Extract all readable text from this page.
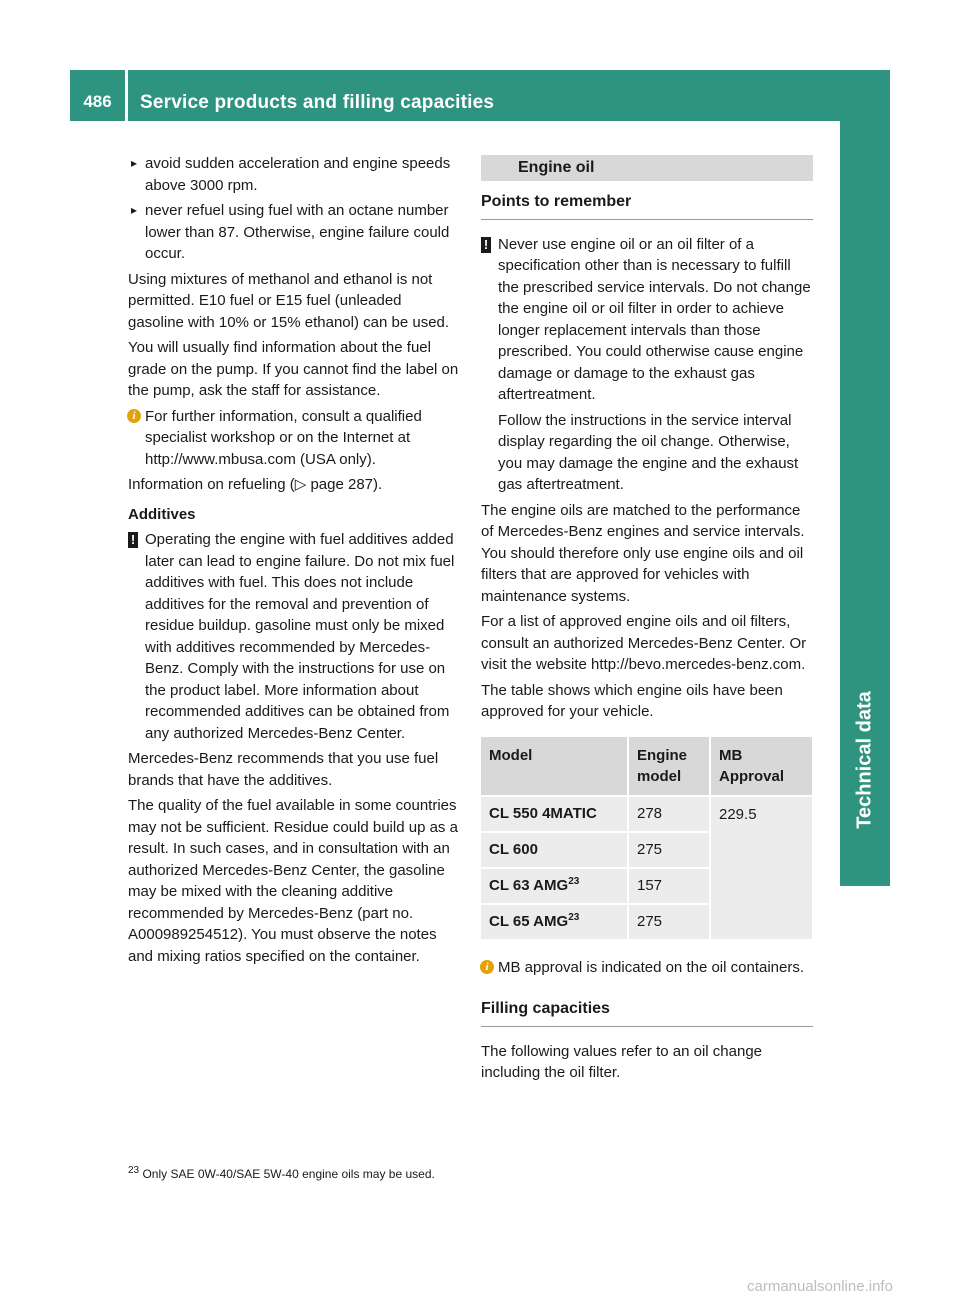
486	Service products and filling capacities
Technical data
▸ avoid sudden acceleration and engine speeds above 3000 rpm.
▸ never refuel using fuel with an octane number lower than 87. Otherwise, engine failure could occur.

Using mixtures of methanol and ethanol is not permitted. E10 fuel or E15 fuel (unleaded gasoline with 10% or 15% ethanol) can be used.

You will usually find information about the fuel grade on the pump. If you cannot find the label on the pump, ask the staff for assistance.

i For further information, consult a qualified specialist workshop or on the Internet at http://www.mbusa.com (USA only).

Information on refueling (▷ page 287).

Additives
! Operating the engine with fuel additives added later can lead to engine failure. Do not mix fuel additives with fuel. This does not include additives for the removal and prevention of residue buildup. gasoline must only be mixed with additives recommended by Mercedes-Benz. Comply with the instructions for use on the product label. More information about recommended additives can be obtained from any authorized Mercedes-Benz Center.

Mercedes-Benz recommends that you use fuel brands that have the additives.

The quality of the fuel available in some countries may not be sufficient. Residue could build up as a result. In such cases, and in consultation with an authorized Mercedes-Benz Center, the gasoline may be mixed with the cleaning additive recommended by Mercedes-Benz (part no. A000989254512). You must observe the notes and mixing ratios specified on the container.

Engine oil
Points to remember
! Never use engine oil or an oil filter of a specification other than is necessary to fulfill the prescribed service intervals. Do not change the engine oil or oil filter in order to achieve longer replacement intervals than those prescribed. You could otherwise cause engine damage or damage to the exhaust gas aftertreatment.
Follow the instructions in the service interval display regarding the oil change. Otherwise, you may damage the engine and the exhaust gas aftertreatment.

The engine oils are matched to the performance of Mercedes-Benz engines and service intervals. You should therefore only use engine oils and oil filters that are approved for vehicles with maintenance systems.

For a list of approved engine oils and oil filters, consult an authorized Mercedes-Benz Center. Or visit the website http://bevo.mercedes-benz.com.

The table shows which engine oils have been approved for your vehicle.

Model	Engine model	MB Approval
CL 550 4MATIC	278	229.5
CL 600	275	
CL 63 AMG$^{23}$	157	
CL 65 AMG$^{23}$	275	
i MB approval is indicated on the oil containers.
Filling capacities

The following values refer to an oil change including the oil filter.

$^{23}$ Only SAE 0W-40/SAE 5W-40 engine oils may be used.
carmanualsonline.info
